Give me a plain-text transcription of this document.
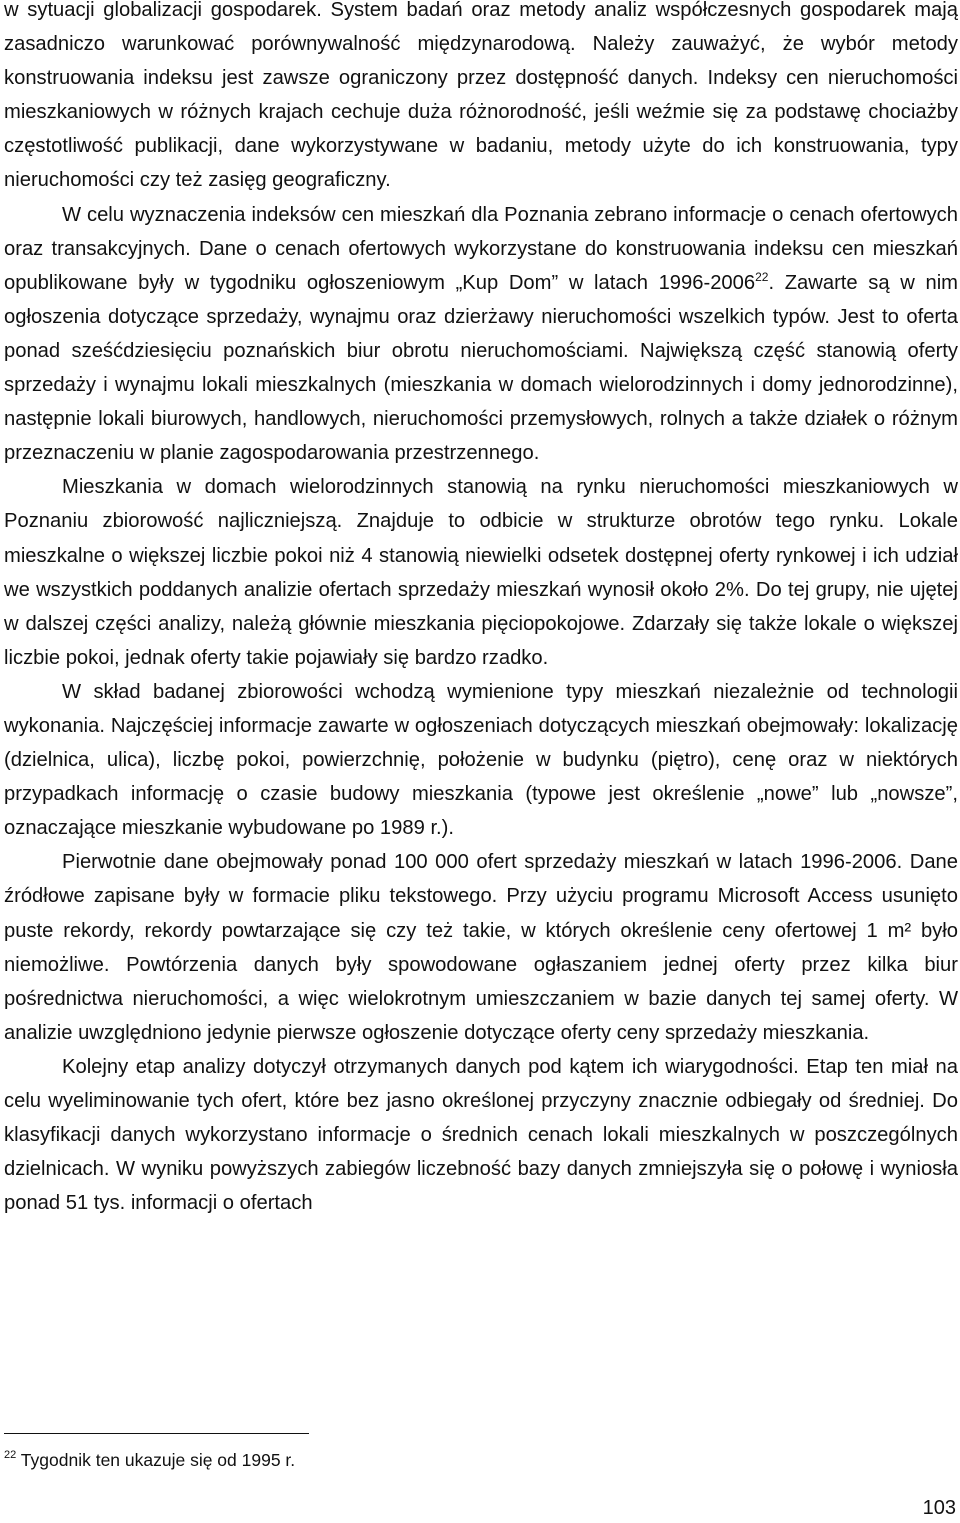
w sytuacji globalizacji gospodarek. System badań oraz metody analiz współczesnych gospodarek mają zasadniczo warunkować porównywalność międzynarodową. Należy zauważyć, że wybór metody konstruowania indeksu jest zawsze ograniczony przez dostępność danych. Indeksy cen nieruchomości mieszkaniowych w różnych krajach cechuje duża różnorodność, jeśli weźmie się za podstawę chociażby częstotliwość publikacji, dane wykorzystywane w badaniu, metody użyte do ich konstruowania, typy nieruchomości czy też zasięg geograficzny.

W celu wyznaczenia indeksów cen mieszkań dla Poznania zebrano informacje o cenach ofertowych oraz transakcyjnych. Dane o cenach ofertowych wykorzystane do konstruowania indeksu cen mieszkań opublikowane były w tygodniku ogłoszeniowym „Kup Dom” w latach 1996-2006$^{22}$. Zawarte są w nim ogłoszenia dotyczące sprzedaży, wynajmu oraz dzierżawy nieruchomości wszelkich typów. Jest to oferta ponad sześćdziesięciu poznańskich biur obrotu nieruchomościami. Największą część stanowią oferty sprzedaży i wynajmu lokali mieszkalnych (mieszkania w domach wielorodzinnych i domy jednorodzinne), następnie lokali biurowych, handlowych, nieruchomości przemysłowych, rolnych a także działek o różnym przeznaczeniu w planie zagospodarowania przestrzennego.

Mieszkania w domach wielorodzinnych stanowią na rynku nieruchomości mieszkaniowych w Poznaniu zbiorowość najliczniejszą. Znajduje to odbicie w strukturze obrotów tego rynku. Lokale mieszkalne o większej liczbie pokoi niż 4 stanowią niewielki odsetek dostępnej oferty rynkowej i ich udział we wszystkich poddanych analizie ofertach sprzedaży mieszkań wynosił około 2%. Do tej grupy, nie ujętej w dalszej części analizy, należą głównie mieszkania pięciopokojowe. Zdarzały się także lokale o większej liczbie pokoi, jednak oferty takie pojawiały się bardzo rzadko.

W skład badanej zbiorowości wchodzą wymienione typy mieszkań niezależnie od technologii wykonania. Najczęściej informacje zawarte w ogłoszeniach dotyczących mieszkań obejmowały: lokalizację (dzielnica, ulica), liczbę pokoi, powierzchnię, położenie w budynku (piętro), cenę oraz w niektórych przypadkach informację o czasie budowy mieszkania (typowe jest określenie „nowe” lub „nowsze”, oznaczające mieszkanie wybudowane po 1989 r.).

Pierwotnie dane obejmowały ponad 100 000 ofert sprzedaży mieszkań w latach 1996-2006. Dane źródłowe zapisane były w formacie pliku tekstowego. Przy użyciu programu Microsoft Access usunięto puste rekordy, rekordy powtarzające się czy też takie, w których określenie ceny ofertowej 1 m² było niemożliwe. Powtórzenia danych były spowodowane ogłaszaniem jednej oferty przez kilka biur pośrednictwa nieruchomości, a więc wielokrotnym umieszczaniem w bazie danych tej samej oferty. W analizie uwzględniono jedynie pierwsze ogłoszenie dotyczące oferty ceny sprzedaży mieszkania.

Kolejny etap analizy dotyczył otrzymanych danych pod kątem ich wiarygodności. Etap ten miał na celu wyeliminowanie tych ofert, które bez jasno określonej przyczyny znacznie odbiegały od średniej. Do klasyfikacji danych wykorzystano informacje o średnich cenach lokali mieszkalnych w poszczególnych dzielnicach. W wyniku powyższych zabiegów liczebność bazy danych zmniejszyła się o połowę i wyniosła ponad 51 tys. informacji o ofertach

$^{22}$ Tygodnik ten ukazuje się od 1995 r.
103
